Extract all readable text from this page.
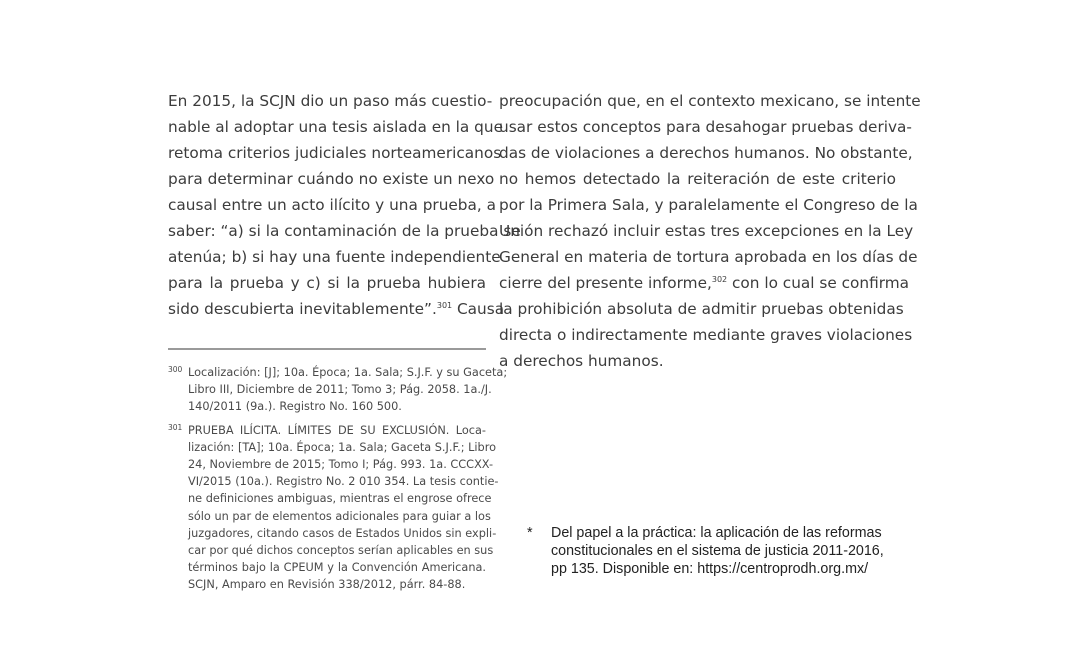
En 2015, la SCJN dio un paso más cuestio-
nable al adoptar una tesis aislada en la que
retoma criterios judiciales norteamericanos
para determinar cuándo no existe un nexo
causal entre un acto ilícito y una prueba, a
saber: “a) si la contaminación de la prueba se
atenúa; b) si hay una fuente independiente
para la prueba y c) si la prueba hubiera
sido descubierta inevitablemente”.$^{301}$ Causa
preocupación que, en el contexto mexicano, se intente
usar estos conceptos para desahogar pruebas deriva-
das de violaciones a derechos humanos. No obstante,
no hemos detectado la reiteración de este criterio
por la Primera Sala, y paralelamente el Congreso de la
Unión rechazó incluir estas tres excepciones en la Ley
General en materia de tortura aprobada en los días de
cierre del presente informe,$^{302}$ con lo cual se confirma
la prohibición absoluta de admitir pruebas obtenidas
directa o indirectamente mediante graves violaciones
a derechos humanos.
300 Localización: [J]; 10a. Época; 1a. Sala; S.J.F. y su Gaceta;
Libro III, Diciembre de 2011; Tomo 3; Pág. 2058. 1a./J.
140/2011 (9a.). Registro No. 160 500.
301 PRUEBA ILÍCITA. LÍMITES DE SU EXCLUSIÓN. Loca-
lización: [TA]; 10a. Época; 1a. Sala; Gaceta S.J.F.; Libro
24, Noviembre de 2015; Tomo I; Pág. 993. 1a. CCCXX-
VI/2015 (10a.). Registro No. 2 010 354. La tesis contie-
ne definiciones ambiguas, mientras el engrose ofrece
sólo un par de elementos adicionales para guiar a los
juzgadores, citando casos de Estados Unidos sin expli-
car por qué dichos conceptos serían aplicables en sus
términos bajo la CPEUM y la Convención Americana.
SCJN, Amparo en Revisión 338/2012, párr. 84-88.
* Del papel a la práctica: la aplicación de las reformas
constitucionales en el sistema de justicia 2011-2016,
pp 135. Disponible en: https://centroprodh.org.mx/
